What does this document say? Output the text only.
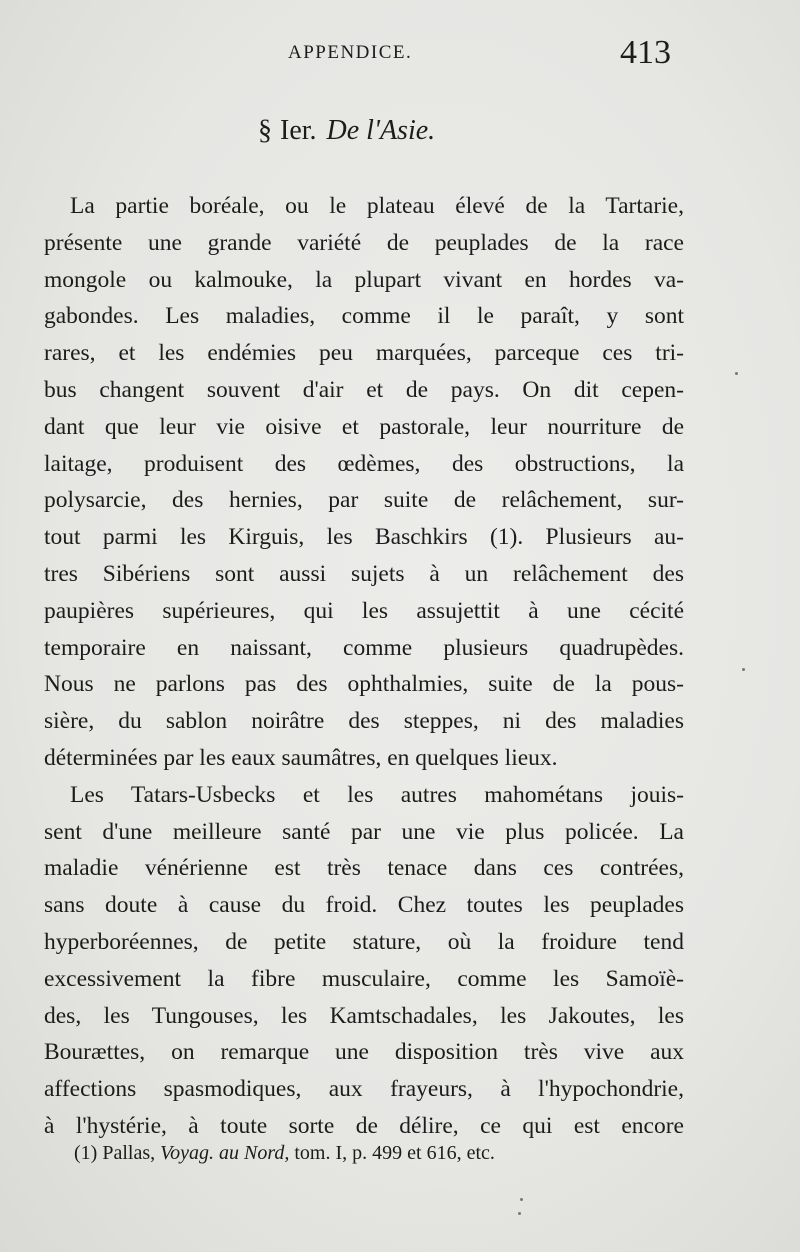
APPENDICE.	413
§ Ier. De l'Asie.
La partie boréale, ou le plateau élevé de la Tartarie,
présente une grande variété de peuplades de la race
mongole ou kalmouke, la plupart vivant en hordes va-
gabondes. Les maladies, comme il le paraît, y sont
rares, et les endémies peu marquées, parceque ces tri-
bus changent souvent d'air et de pays. On dit cepen-
dant que leur vie oisive et pastorale, leur nourriture de
laitage, produisent des œdèmes, des obstructions, la
polysarcie, des hernies, par suite de relâchement, sur-
tout parmi les Kirguis, les Baschkirs (1). Plusieurs au-
tres Sibériens sont aussi sujets à un relâchement des
paupières supérieures, qui les assujettit à une cécité
temporaire en naissant, comme plusieurs quadrupèdes.
Nous ne parlons pas des ophthalmies, suite de la pous-
sière, du sablon noirâtre des steppes, ni des maladies
déterminées par les eaux saumâtres, en quelques lieux.
Les Tatars-Usbecks et les autres mahométans jouis-
sent d'une meilleure santé par une vie plus policée. La
maladie vénérienne est très tenace dans ces contrées,
sans doute à cause du froid. Chez toutes les peuplades
hyperboréennes, de petite stature, où la froidure tend
excessivement la fibre musculaire, comme les Samoïè-
des, les Tungouses, les Kamtschadales, les Jakoutes, les
Bourættes, on remarque une disposition très vive aux
affections spasmodiques, aux frayeurs, à l'hypochondrie,
à l'hystérie, à toute sorte de délire, ce qui est encore
(1) Pallas, Voyag. au Nord, tom. I, p. 499 et 616, etc.
